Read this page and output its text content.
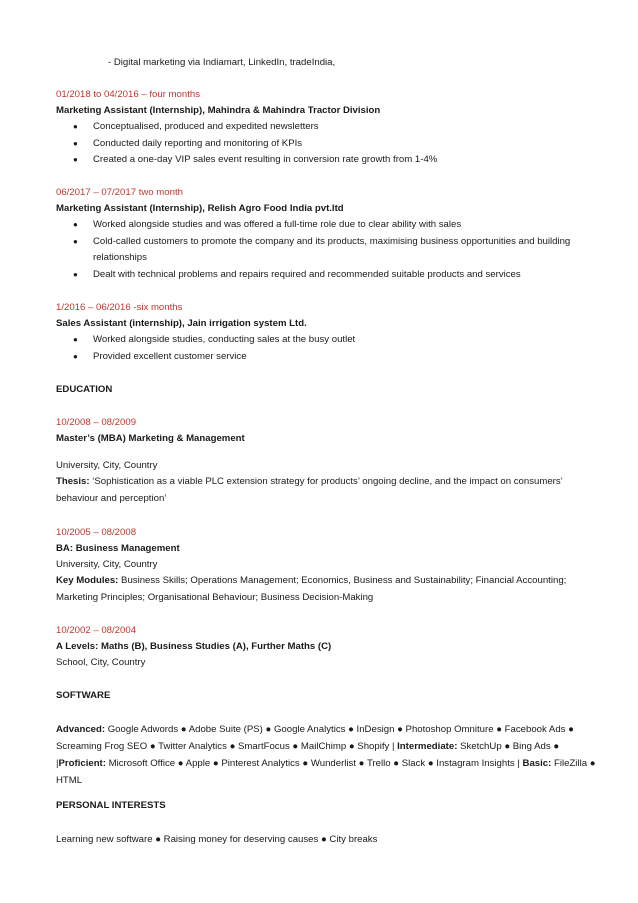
- Digital marketing via Indiamart, LinkedIn, tradeIndia,
01/2018 to 04/2016 – four months
Marketing Assistant (Internship), Mahindra & Mahindra Tractor Division
● Conceptualised, produced and expedited newsletters
● Conducted daily reporting and monitoring of KPIs
● Created a one-day VIP sales event resulting in conversion rate growth from 1-4%
06/2017 – 07/2017 two month
Marketing Assistant (Internship), Relish Agro Food India pvt.ltd
● Worked alongside studies and was offered a full-time role due to clear ability with sales
● Cold-called customers to promote the company and its products, maximising business opportunities and building relationships
● Dealt with technical problems and repairs required and recommended suitable products and services
1/2016 – 06/2016 -six months
Sales Assistant (internship), Jain irrigation system Ltd.
● Worked alongside studies, conducting sales at the busy outlet
● Provided excellent customer service
EDUCATION
10/2008 – 08/2009
Master’s (MBA) Marketing & Management
University, City, Country
Thesis: ‘Sophistication as a viable PLC extension strategy for products’ ongoing decline, and the impact on consumers’ behaviour and perception’
10/2005 – 08/2008
BA: Business Management
University, City, Country
Key Modules: Business Skills; Operations Management; Economics, Business and Sustainability; Financial Accounting; Marketing Principles; Organisational Behaviour; Business Decision-Making
10/2002 – 08/2004
A Levels: Maths (B), Business Studies (A), Further Maths (C)
School, City, Country
SOFTWARE
Advanced: Google Adwords ● Adobe Suite (PS) ● Google Analytics ● InDesign ● Photoshop Omniture ● Facebook Ads ● Screaming Frog SEO ● Twitter Analytics ● SmartFocus ● MailChimp ● Shopify | Intermediate: SketchUp ● Bing Ads ● |Proficient: Microsoft Office ● Apple ● Pinterest Analytics ● Wunderlist ● Trello ● Slack ● Instagram Insights | Basic: FileZilla ● HTML
PERSONAL INTERESTS
Learning new software ● Raising money for deserving causes ● City breaks
